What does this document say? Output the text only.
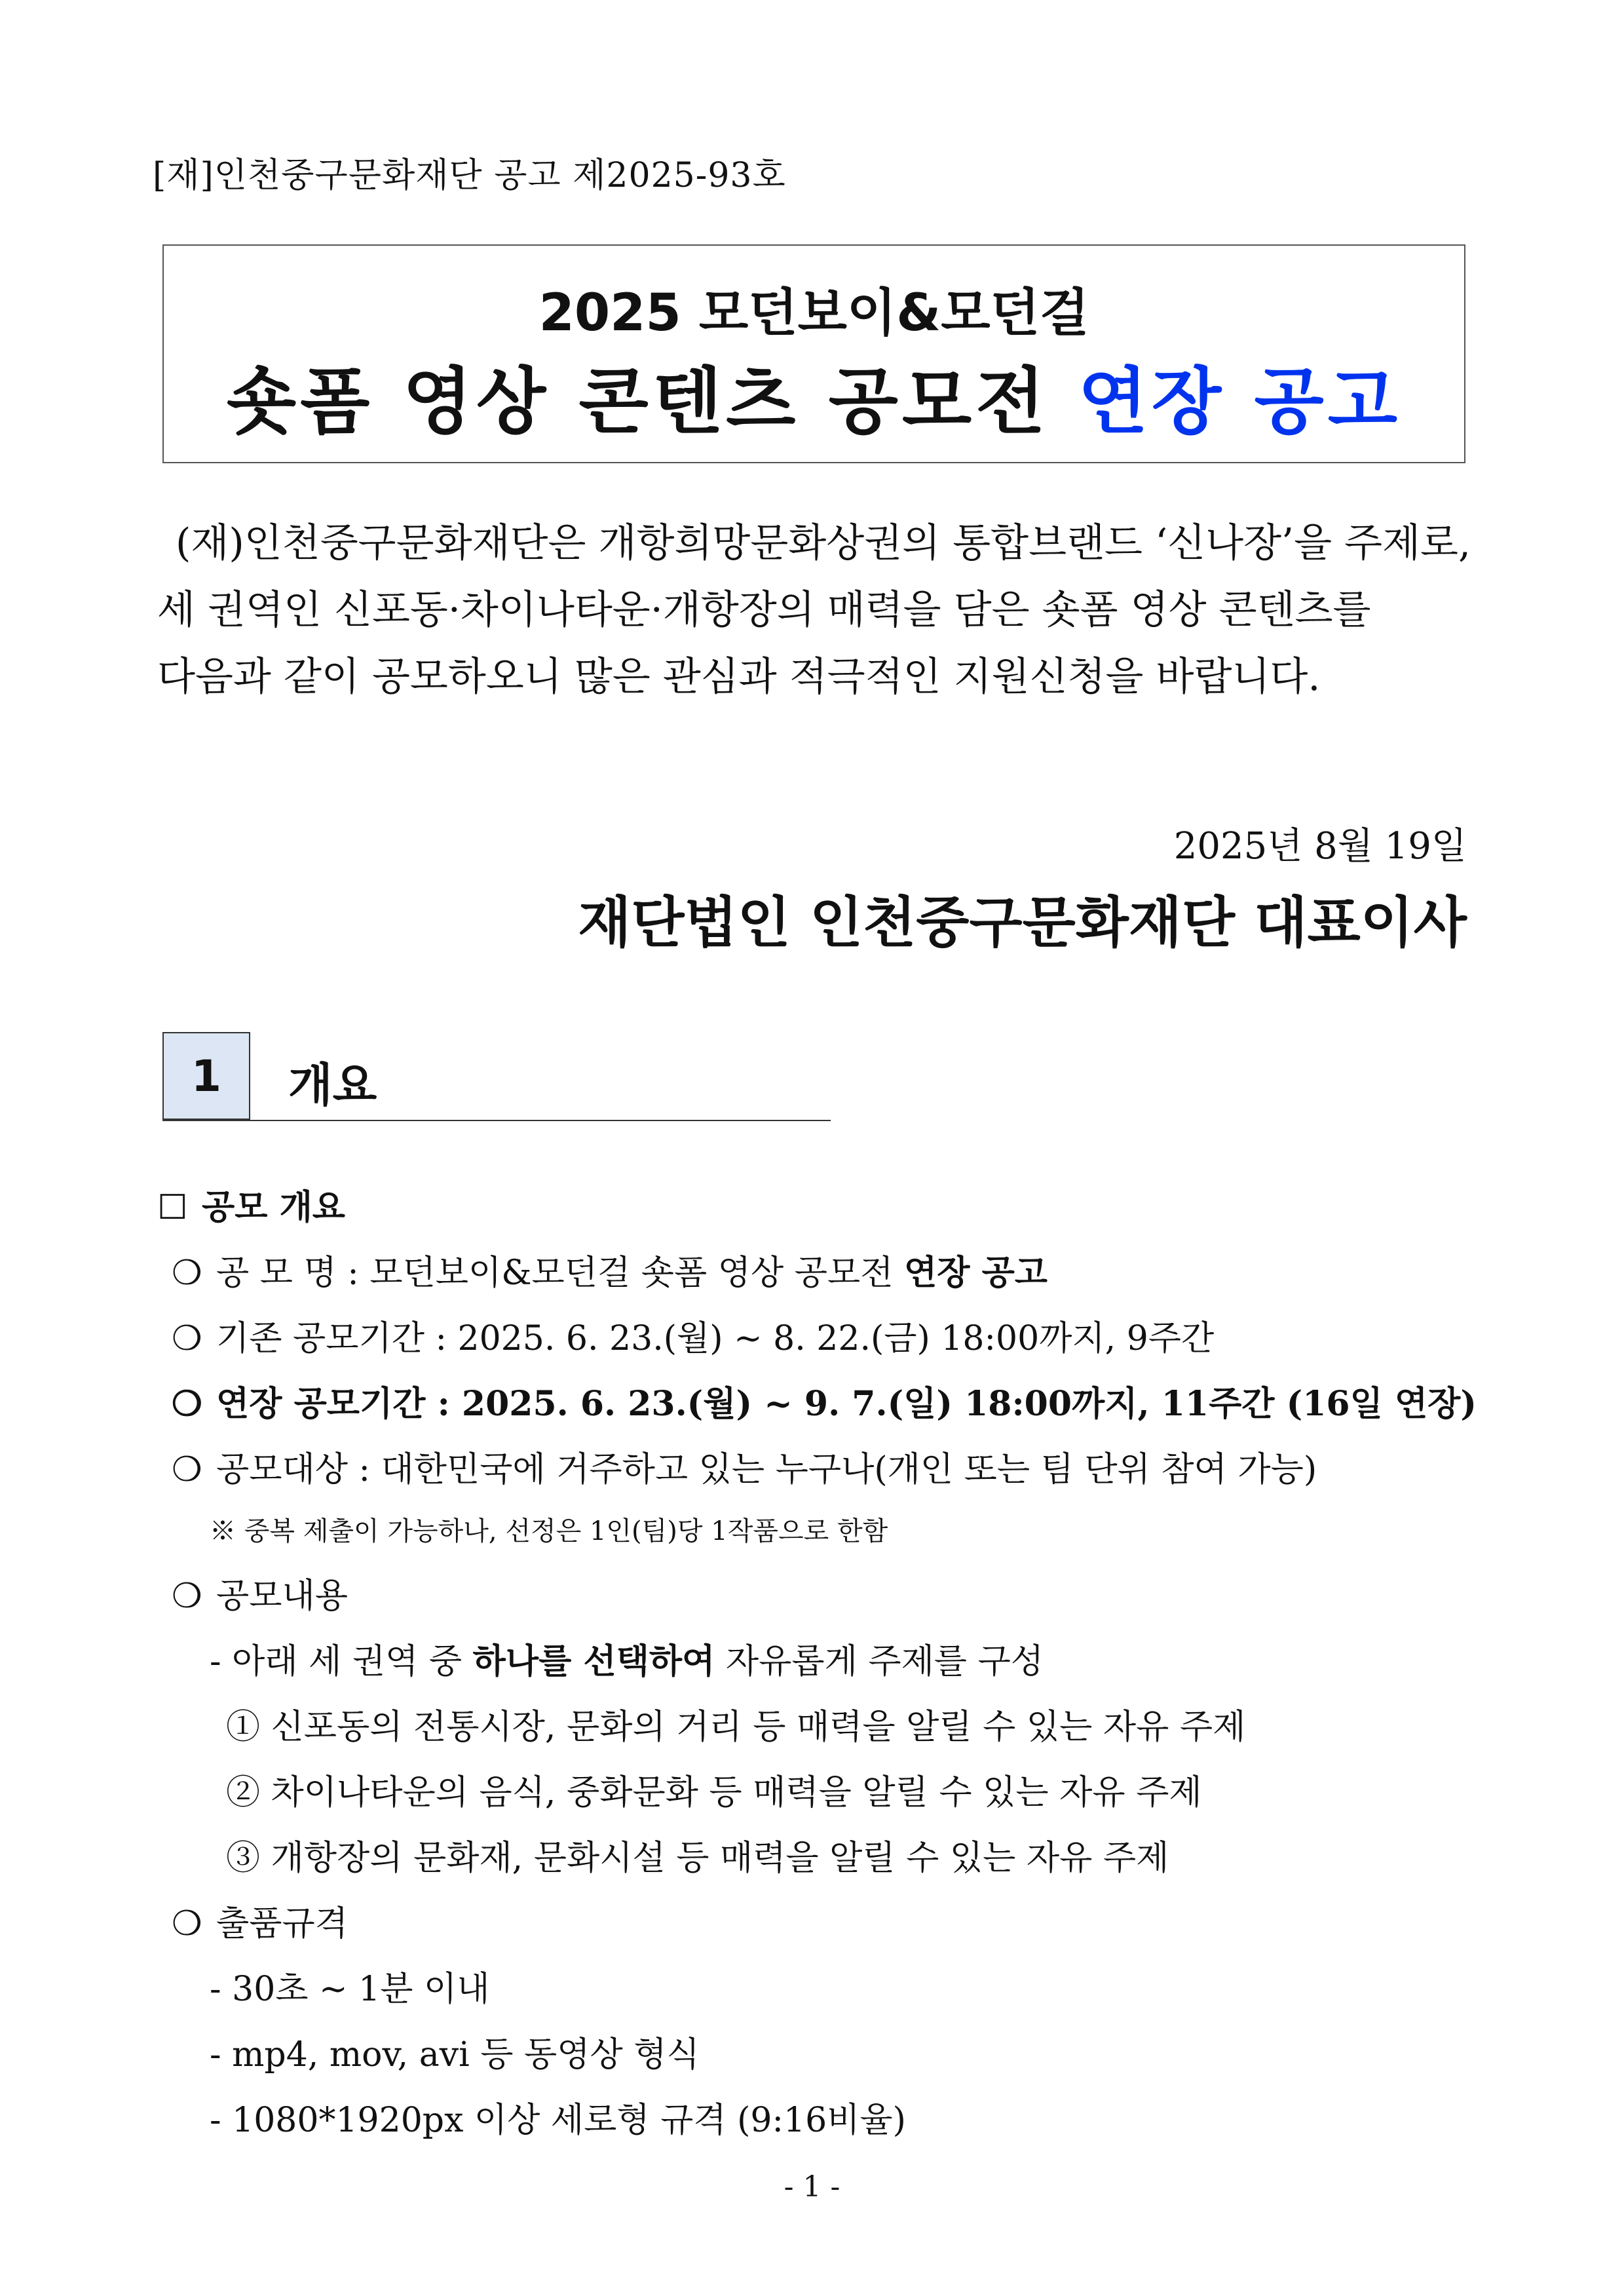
[재]인천중구문화재단 공고 제2025-93호
2025 모던보이&모던걸
숏폼 영상 콘텐츠 공모전 연장 공고
(재)인천중구문화재단은 개항희망문화상권의 통합브랜드 ‘신나장’을 주제로,
세 권역인 신포동·차이나타운·개항장의 매력을 담은 숏폼 영상 콘텐츠를
다음과 같이 공모하오니 많은 관심과 적극적인 지원신청을 바랍니다.
2025년 8월 19일
재단법인 인천중구문화재단 대표이사
1	개요
☐ 공모 개요
❍ 공 모 명 : 모던보이&모던걸 숏폼 영상 공모전 연장 공고
❍ 기존 공모기간 : 2025. 6. 23.(월) ~ 8. 22.(금) 18:00까지, 9주간
❍ 연장 공모기간 : 2025. 6. 23.(월) ~ 9. 7.(일) 18:00까지, 11주간 (16일 연장)
❍ 공모대상 : 대한민국에 거주하고 있는 누구나(개인 또는 팀 단위 참여 가능)
※ 중복 제출이 가능하나, 선정은 1인(팀)당 1작품으로 한함
❍ 공모내용
- 아래 세 권역 중 하나를 선택하여 자유롭게 주제를 구성
① 신포동의 전통시장, 문화의 거리 등 매력을 알릴 수 있는 자유 주제
② 차이나타운의 음식, 중화문화 등 매력을 알릴 수 있는 자유 주제
③ 개항장의 문화재, 문화시설 등 매력을 알릴 수 있는 자유 주제
❍ 출품규격
- 30초 ~ 1분 이내
- mp4, mov, avi 등 동영상 형식
- 1080*1920px 이상 세로형 규격 (9:16비율)
- 1 -
